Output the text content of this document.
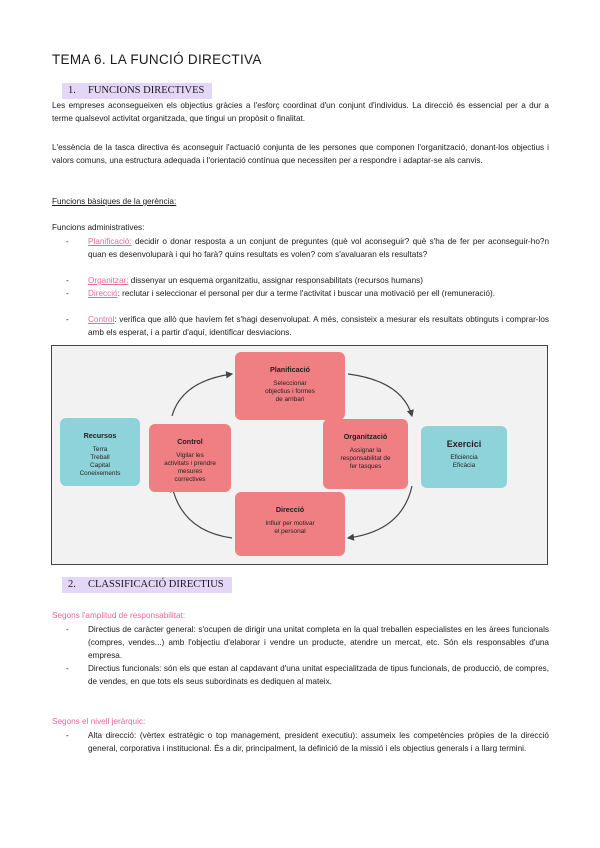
TEMA 6. LA FUNCIÓ DIRECTIVA
1. FUNCIONS DIRECTIVES
Les empreses aconsegueixen els objectius gràcies a l'esforç coordinat d'un conjunt d'individus. La direcció és essencial per a dur a terme qualsevol activitat organitzada, que tingui un propòsit o finalitat.
L'essència de la tasca directiva és aconseguir l'actuació conjunta de les persones que componen l'organització, donant-los objectius i valors comuns, una estructura adequada i l'orientació contínua que necessiten per a respondre i adaptar-se als canvis.
Funcions bàsiques de la gerència:
Funcions administratives:
- Planificació: decidir o donar resposta a un conjunt de preguntes (què vol aconseguir? què s'ha de fer per aconseguir-ho?n quan es desenvoluparà i qui ho farà? quins resultats es volen? com s'avaluaran els resultats?
- Organitzar: dissenyar un esquema organitzatiu, assignar responsabilitats (recursos humans)
- Direcció: reclutar i seleccionar el personal per dur a terme l'activitat i buscar una motivació per ell (remuneració).
- Control: verifica que allò que havíem fet s'hagi desenvolupat. A més, consisteix a mesurar els resultats obtinguts i comprar-los amb els esperat, i a partir d'aquí, identificar desviacions.
Recursos
Terra
Treball
Capital
Coneixements
Planificació
Seleccionar
objectius i formes
de arribari
Control
Vigilar les
activitats i prendre
mesures
correctives
Organització
Assignar la
responsabilitat de
fer tasques
Direcció
Influir per motivar
el personal
Exercici
Eficiència
Eficàcia
2. CLASSIFICACIÓ DIRECTIUS
Segons l'amplitud de responsabilitat:
- Directius de caràcter general: s'ocupen de dirigir una unitat completa en la qual treballen especialistes en les àrees funcionals (compres, vendes...) amb l'objectiu d'elaborar i vendre un producte, atendre un mercat, etc. Són els responsables d'una empresa.
- Directius funcionals: són els que estan al capdavant d'una unitat especialitzada de tipus funcionals, de producció, de compres, de vendes, en que tots els seus subordinats es dediquen al mateix.
Segons el nivell jeràrquic:
- Alta direcció: (vèrtex estratègic o top management, president executiu): assumeix les competències pròpies de la direcció general, corporativa i institucional. És a dir, principalment, la definició de la missió i els objectius generals i a llarg termini.
